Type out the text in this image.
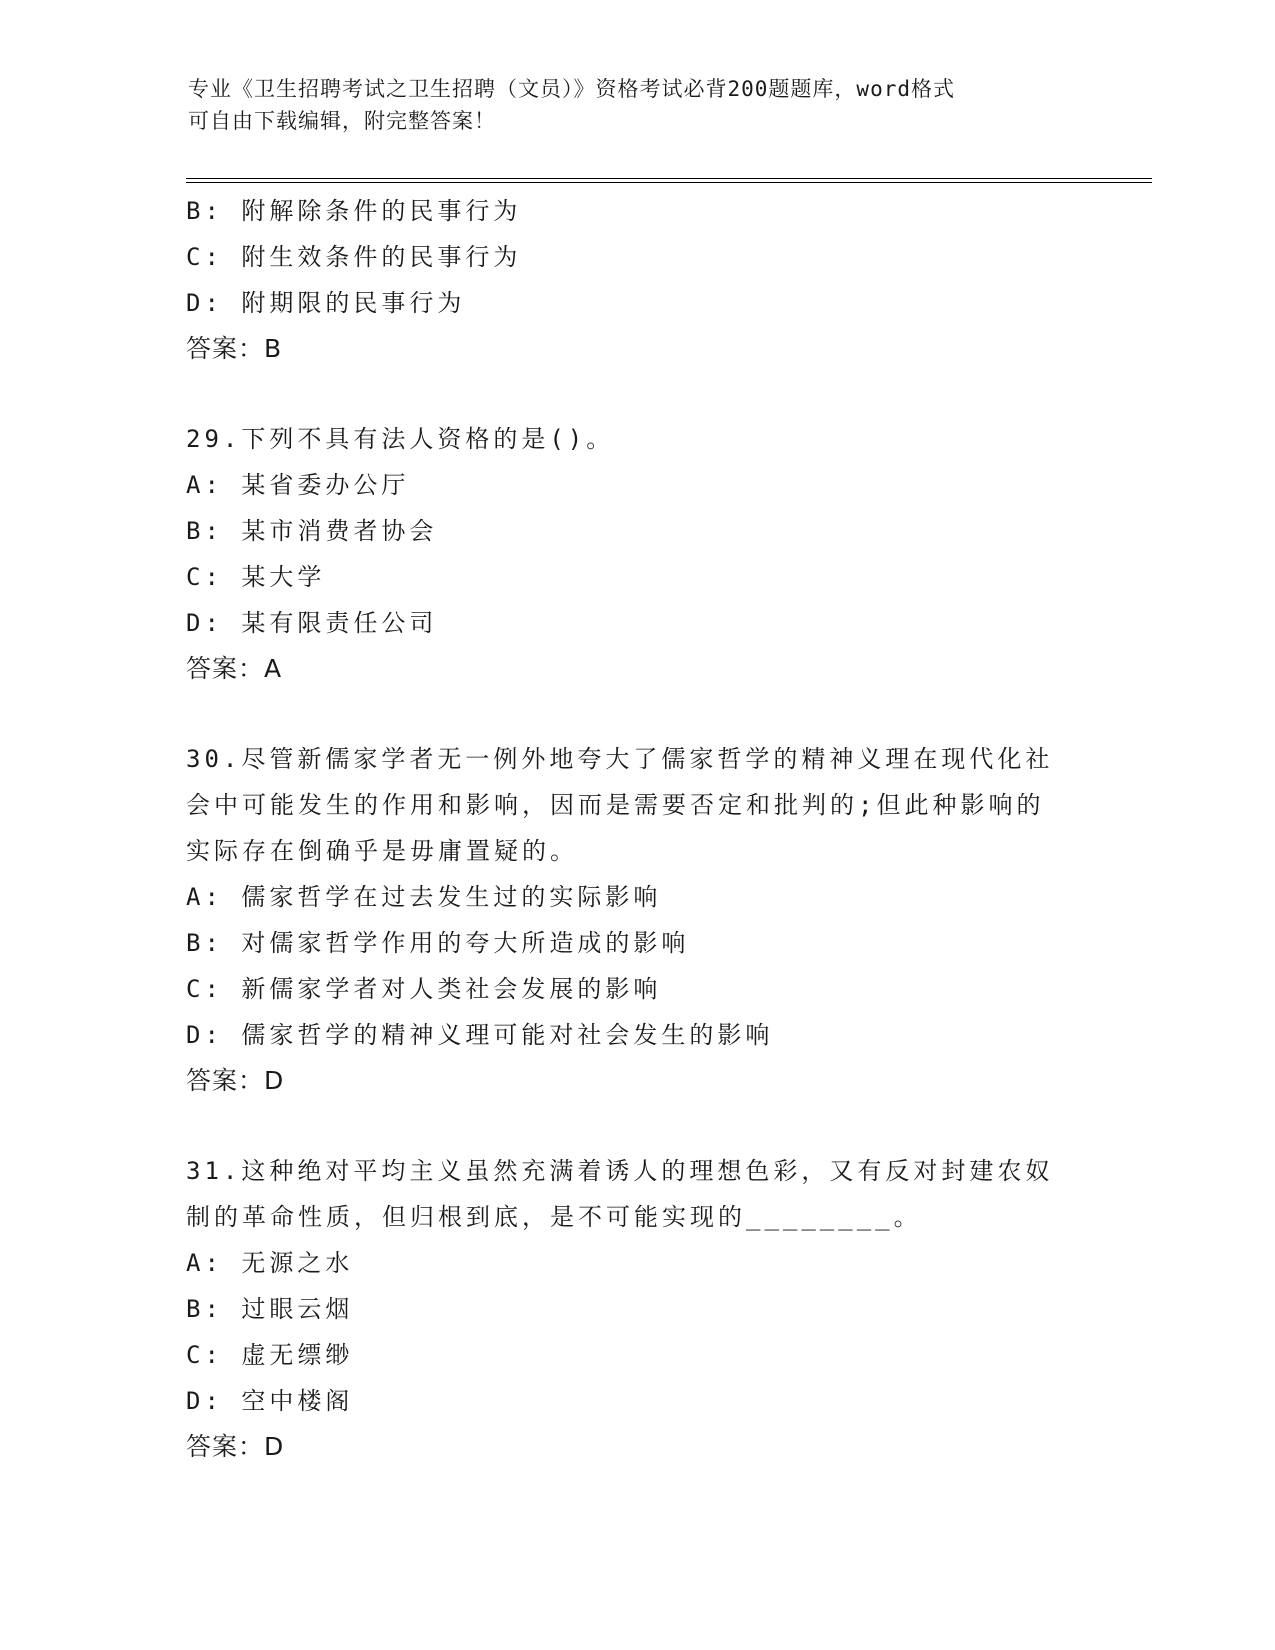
专业《卫生招聘考试之卫生招聘（文员）》资格考试必背200题题库，word格式
可自由下载编辑，附完整答案！
B: 附解除条件的民事行为
C: 附生效条件的民事行为
D: 附期限的民事行为
答案：B
29.下列不具有法人资格的是()。
A: 某省委办公厅
B: 某市消费者协会
C: 某大学
D: 某有限责任公司
答案：A
30.尽管新儒家学者无一例外地夸大了儒家哲学的精神义理在现代化社
会中可能发生的作用和影响，因而是需要否定和批判的;但此种影响的
实际存在倒确乎是毋庸置疑的。
A: 儒家哲学在过去发生过的实际影响
B: 对儒家哲学作用的夸大所造成的影响
C: 新儒家学者对人类社会发展的影响
D: 儒家哲学的精神义理可能对社会发生的影响
答案：D
31.这种绝对平均主义虽然充满着诱人的理想色彩，又有反对封建农奴
制的革命性质，但归根到底，是不可能实现的________。
A: 无源之水
B: 过眼云烟
C: 虚无缥缈
D: 空中楼阁
答案：D
